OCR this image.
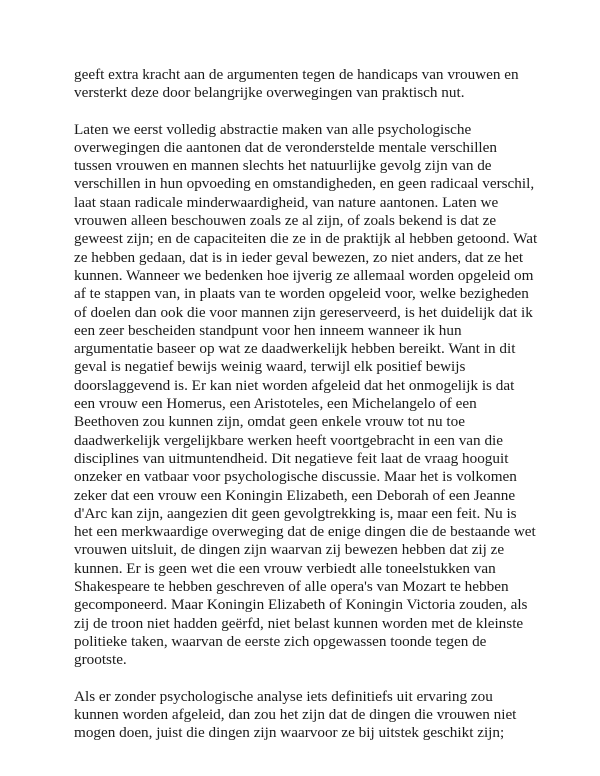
geeft extra kracht aan de argumenten tegen de handicaps van vrouwen en
versterkt deze door belangrijke overwegingen van praktisch nut.

Laten we eerst volledig abstractie maken van alle psychologische
overwegingen die aantonen dat de veronderstelde mentale verschillen
tussen vrouwen en mannen slechts het natuurlijke gevolg zijn van de
verschillen in hun opvoeding en omstandigheden, en geen radicaal verschil,
laat staan radicale minderwaardigheid, van nature aantonen. Laten we
vrouwen alleen beschouwen zoals ze al zijn, of zoals bekend is dat ze
geweest zijn; en de capaciteiten die ze in de praktijk al hebben getoond. Wat
ze hebben gedaan, dat is in ieder geval bewezen, zo niet anders, dat ze het
kunnen. Wanneer we bedenken hoe ijverig ze allemaal worden opgeleid om
af te stappen van, in plaats van te worden opgeleid voor, welke bezigheden
of doelen dan ook die voor mannen zijn gereserveerd, is het duidelijk dat ik
een zeer bescheiden standpunt voor hen inneem wanneer ik hun
argumentatie baseer op wat ze daadwerkelijk hebben bereikt. Want in dit
geval is negatief bewijs weinig waard, terwijl elk positief bewijs
doorslaggevend is. Er kan niet worden afgeleid dat het onmogelijk is dat
een vrouw een Homerus, een Aristoteles, een Michelangelo of een
Beethoven zou kunnen zijn, omdat geen enkele vrouw tot nu toe
daadwerkelijk vergelijkbare werken heeft voortgebracht in een van die
disciplines van uitmuntendheid. Dit negatieve feit laat de vraag hooguit
onzeker en vatbaar voor psychologische discussie. Maar het is volkomen
zeker dat een vrouw een Koningin Elizabeth, een Deborah of een Jeanne
d'Arc kan zijn, aangezien dit geen gevolgtrekking is, maar een feit. Nu is
het een merkwaardige overweging dat de enige dingen die de bestaande wet
vrouwen uitsluit, de dingen zijn waarvan zij bewezen hebben dat zij ze
kunnen. Er is geen wet die een vrouw verbiedt alle toneelstukken van
Shakespeare te hebben geschreven of alle opera's van Mozart te hebben
gecomponeerd. Maar Koningin Elizabeth of Koningin Victoria zouden, als
zij de troon niet hadden geërfd, niet belast kunnen worden met de kleinste
politieke taken, waarvan de eerste zich opgewassen toonde tegen de
grootste.

Als er zonder psychologische analyse iets definitiefs uit ervaring zou
kunnen worden afgeleid, dan zou het zijn dat de dingen die vrouwen niet
mogen doen, juist die dingen zijn waarvoor ze bij uitstek geschikt zijn;
